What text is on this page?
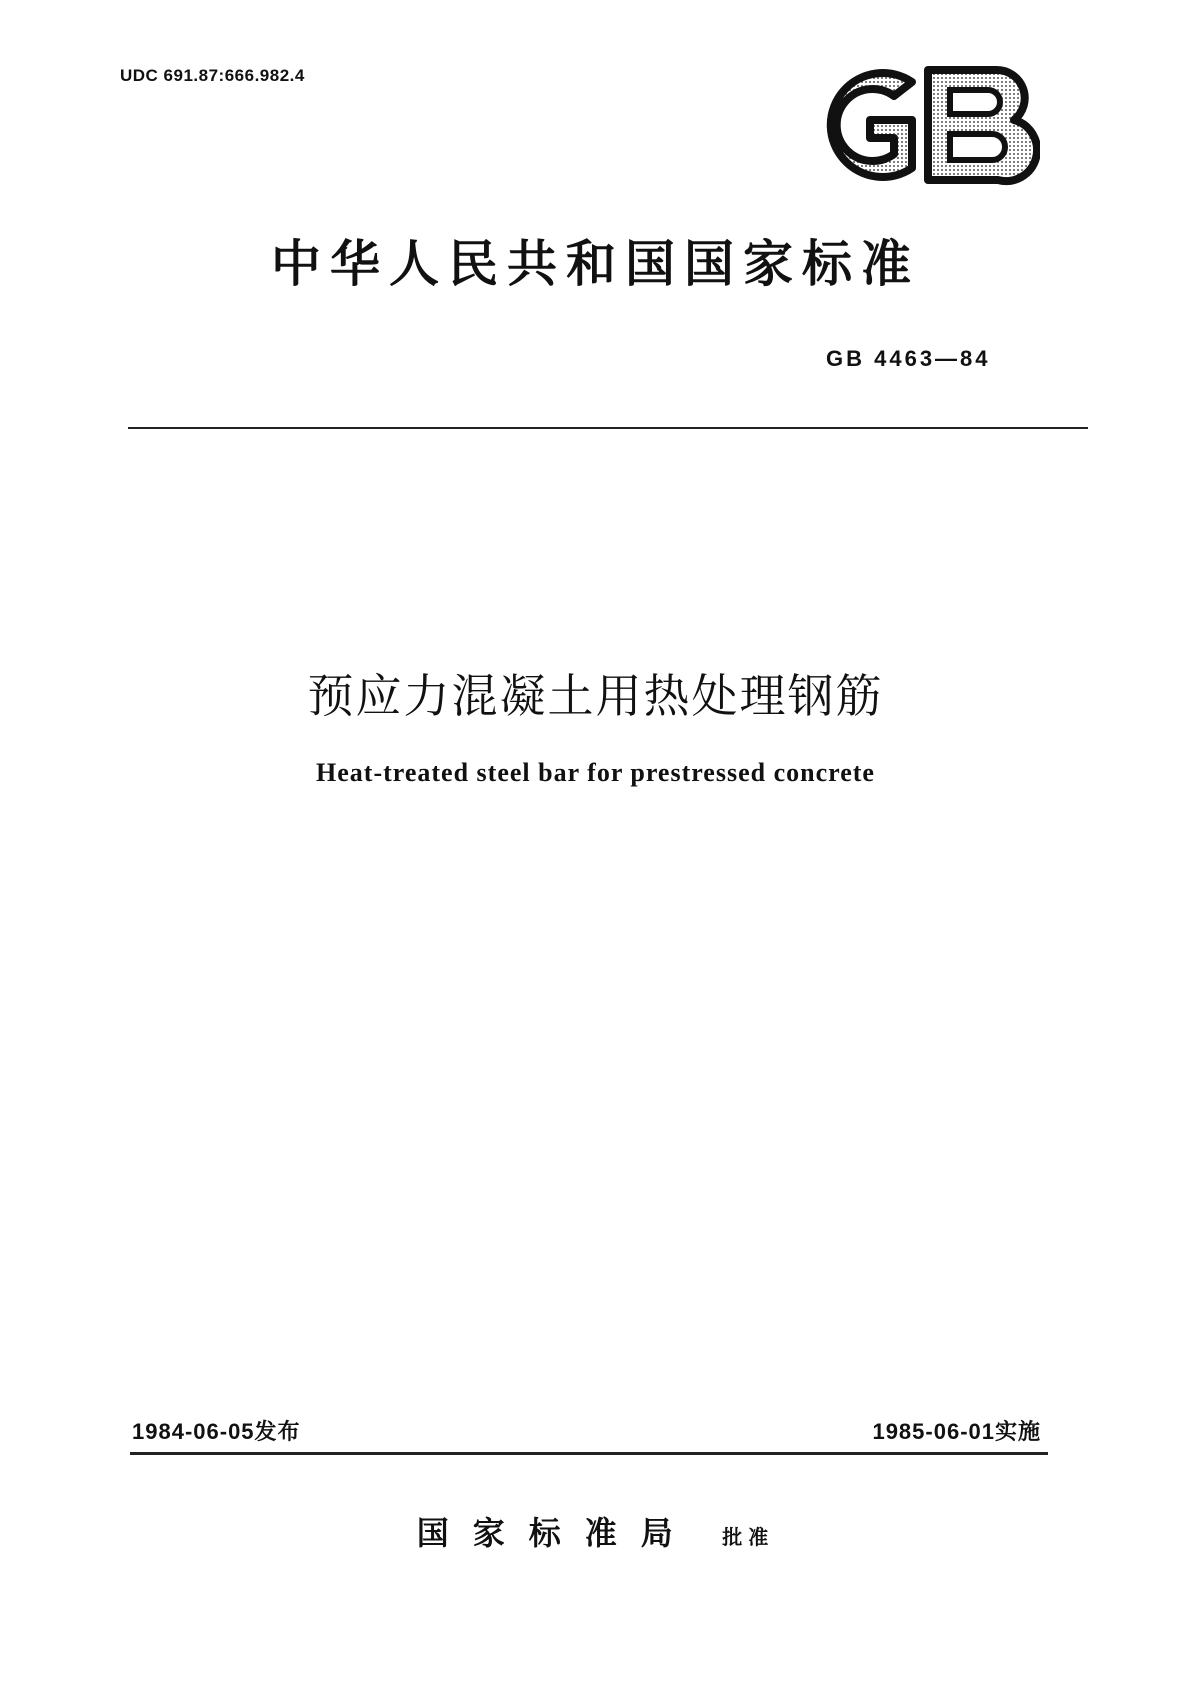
UDC 691.87:666.982.4
中华人民共和国国家标准
GB 4463—84
预应力混凝土用热处理钢筋
Heat-treated steel bar for prestressed concrete
1984-06-05发布	1985-06-01实施
国家标准局 批准
